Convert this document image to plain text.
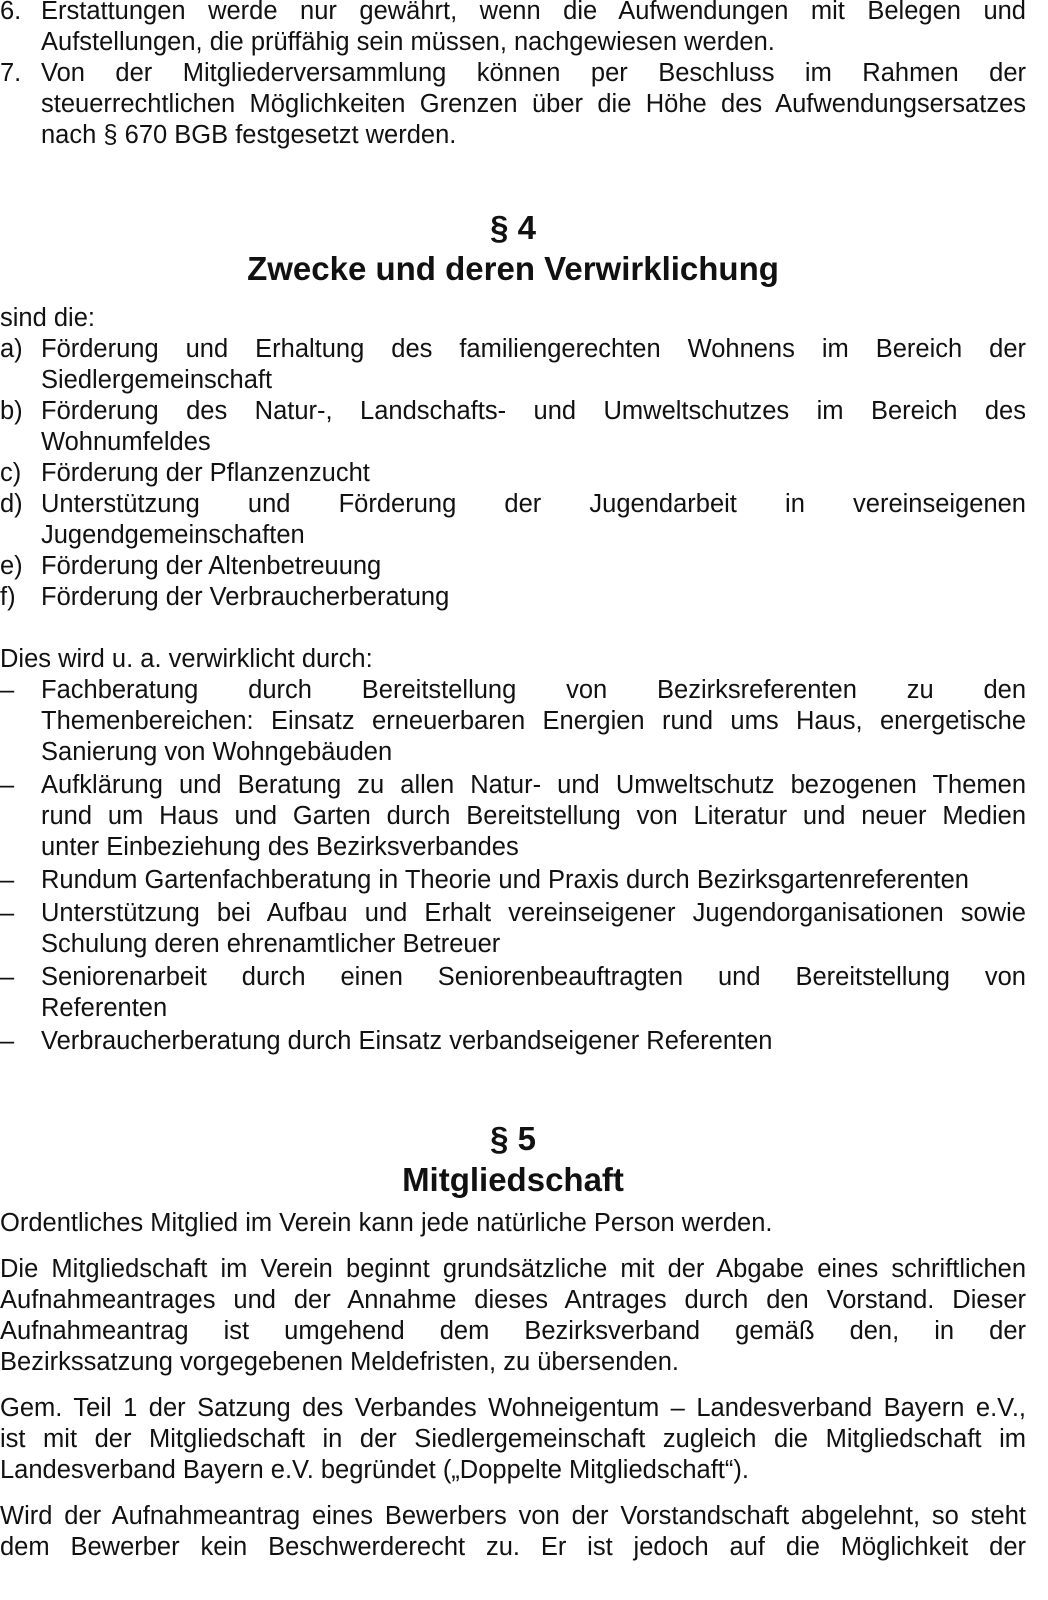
6. Erstattungen werde nur gewährt, wenn die Aufwendungen mit Belegen und
Aufstellungen, die prüffähig sein müssen, nachgewiesen werden.
7. Von der Mitgliederversammlung können per Beschluss im Rahmen der
steuerrechtlichen Möglichkeiten Grenzen über die Höhe des Aufwendungsersatzes
nach § 670 BGB festgesetzt werden.
§ 4
Zwecke und deren Verwirklichung
sind die:
a) Förderung und Erhaltung des familiengerechten Wohnens im Bereich der
Siedlergemeinschaft
b) Förderung des Natur-, Landschafts- und Umweltschutzes im Bereich des
Wohnumfeldes
c) Förderung der Pflanzenzucht
d) Unterstützung und Förderung der Jugendarbeit in vereinseigenen
Jugendgemeinschaften
e) Förderung der Altenbetreuung
f) Förderung der Verbraucherberatung
Dies wird u. a. verwirklicht durch:
–	Fachberatung durch Bereitstellung von Bezirksreferenten zu den
Themenbereichen: Einsatz erneuerbaren Energien rund ums Haus, energetische
Sanierung von Wohngebäuden
–	Aufklärung und Beratung zu allen Natur- und Umweltschutz bezogenen Themen
rund um Haus und Garten durch Bereitstellung von Literatur und neuer Medien
unter Einbeziehung des Bezirksverbandes
–	Rundum Gartenfachberatung in Theorie und Praxis durch Bezirksgartenreferenten
–	Unterstützung bei Aufbau und Erhalt vereinseigener Jugendorganisationen sowie
Schulung deren ehrenamtlicher Betreuer
–	Seniorenarbeit durch einen Seniorenbeauftragten und Bereitstellung von
Referenten
–	Verbraucherberatung durch Einsatz verbandseigener Referenten
§ 5
Mitgliedschaft
Ordentliches Mitglied im Verein kann jede natürliche Person werden.
Die Mitgliedschaft im Verein beginnt grundsätzliche mit der Abgabe eines schriftlichen
Aufnahmeantrages und der Annahme dieses Antrages durch den Vorstand. Dieser
Aufnahmeantrag ist umgehend dem Bezirksverband gemäß den, in der
Bezirkssatzung vorgegebenen Meldefristen, zu übersenden.
Gem. Teil 1 der Satzung des Verbandes Wohneigentum – Landesverband Bayern e.V.,
ist mit der Mitgliedschaft in der Siedlergemeinschaft zugleich die Mitgliedschaft im
Landesverband Bayern e.V. begründet („Doppelte Mitgliedschaft“).
Wird der Aufnahmeantrag eines Bewerbers von der Vorstandschaft abgelehnt, so steht
dem Bewerber kein Beschwerderecht zu. Er ist jedoch auf die Möglichkeit der
